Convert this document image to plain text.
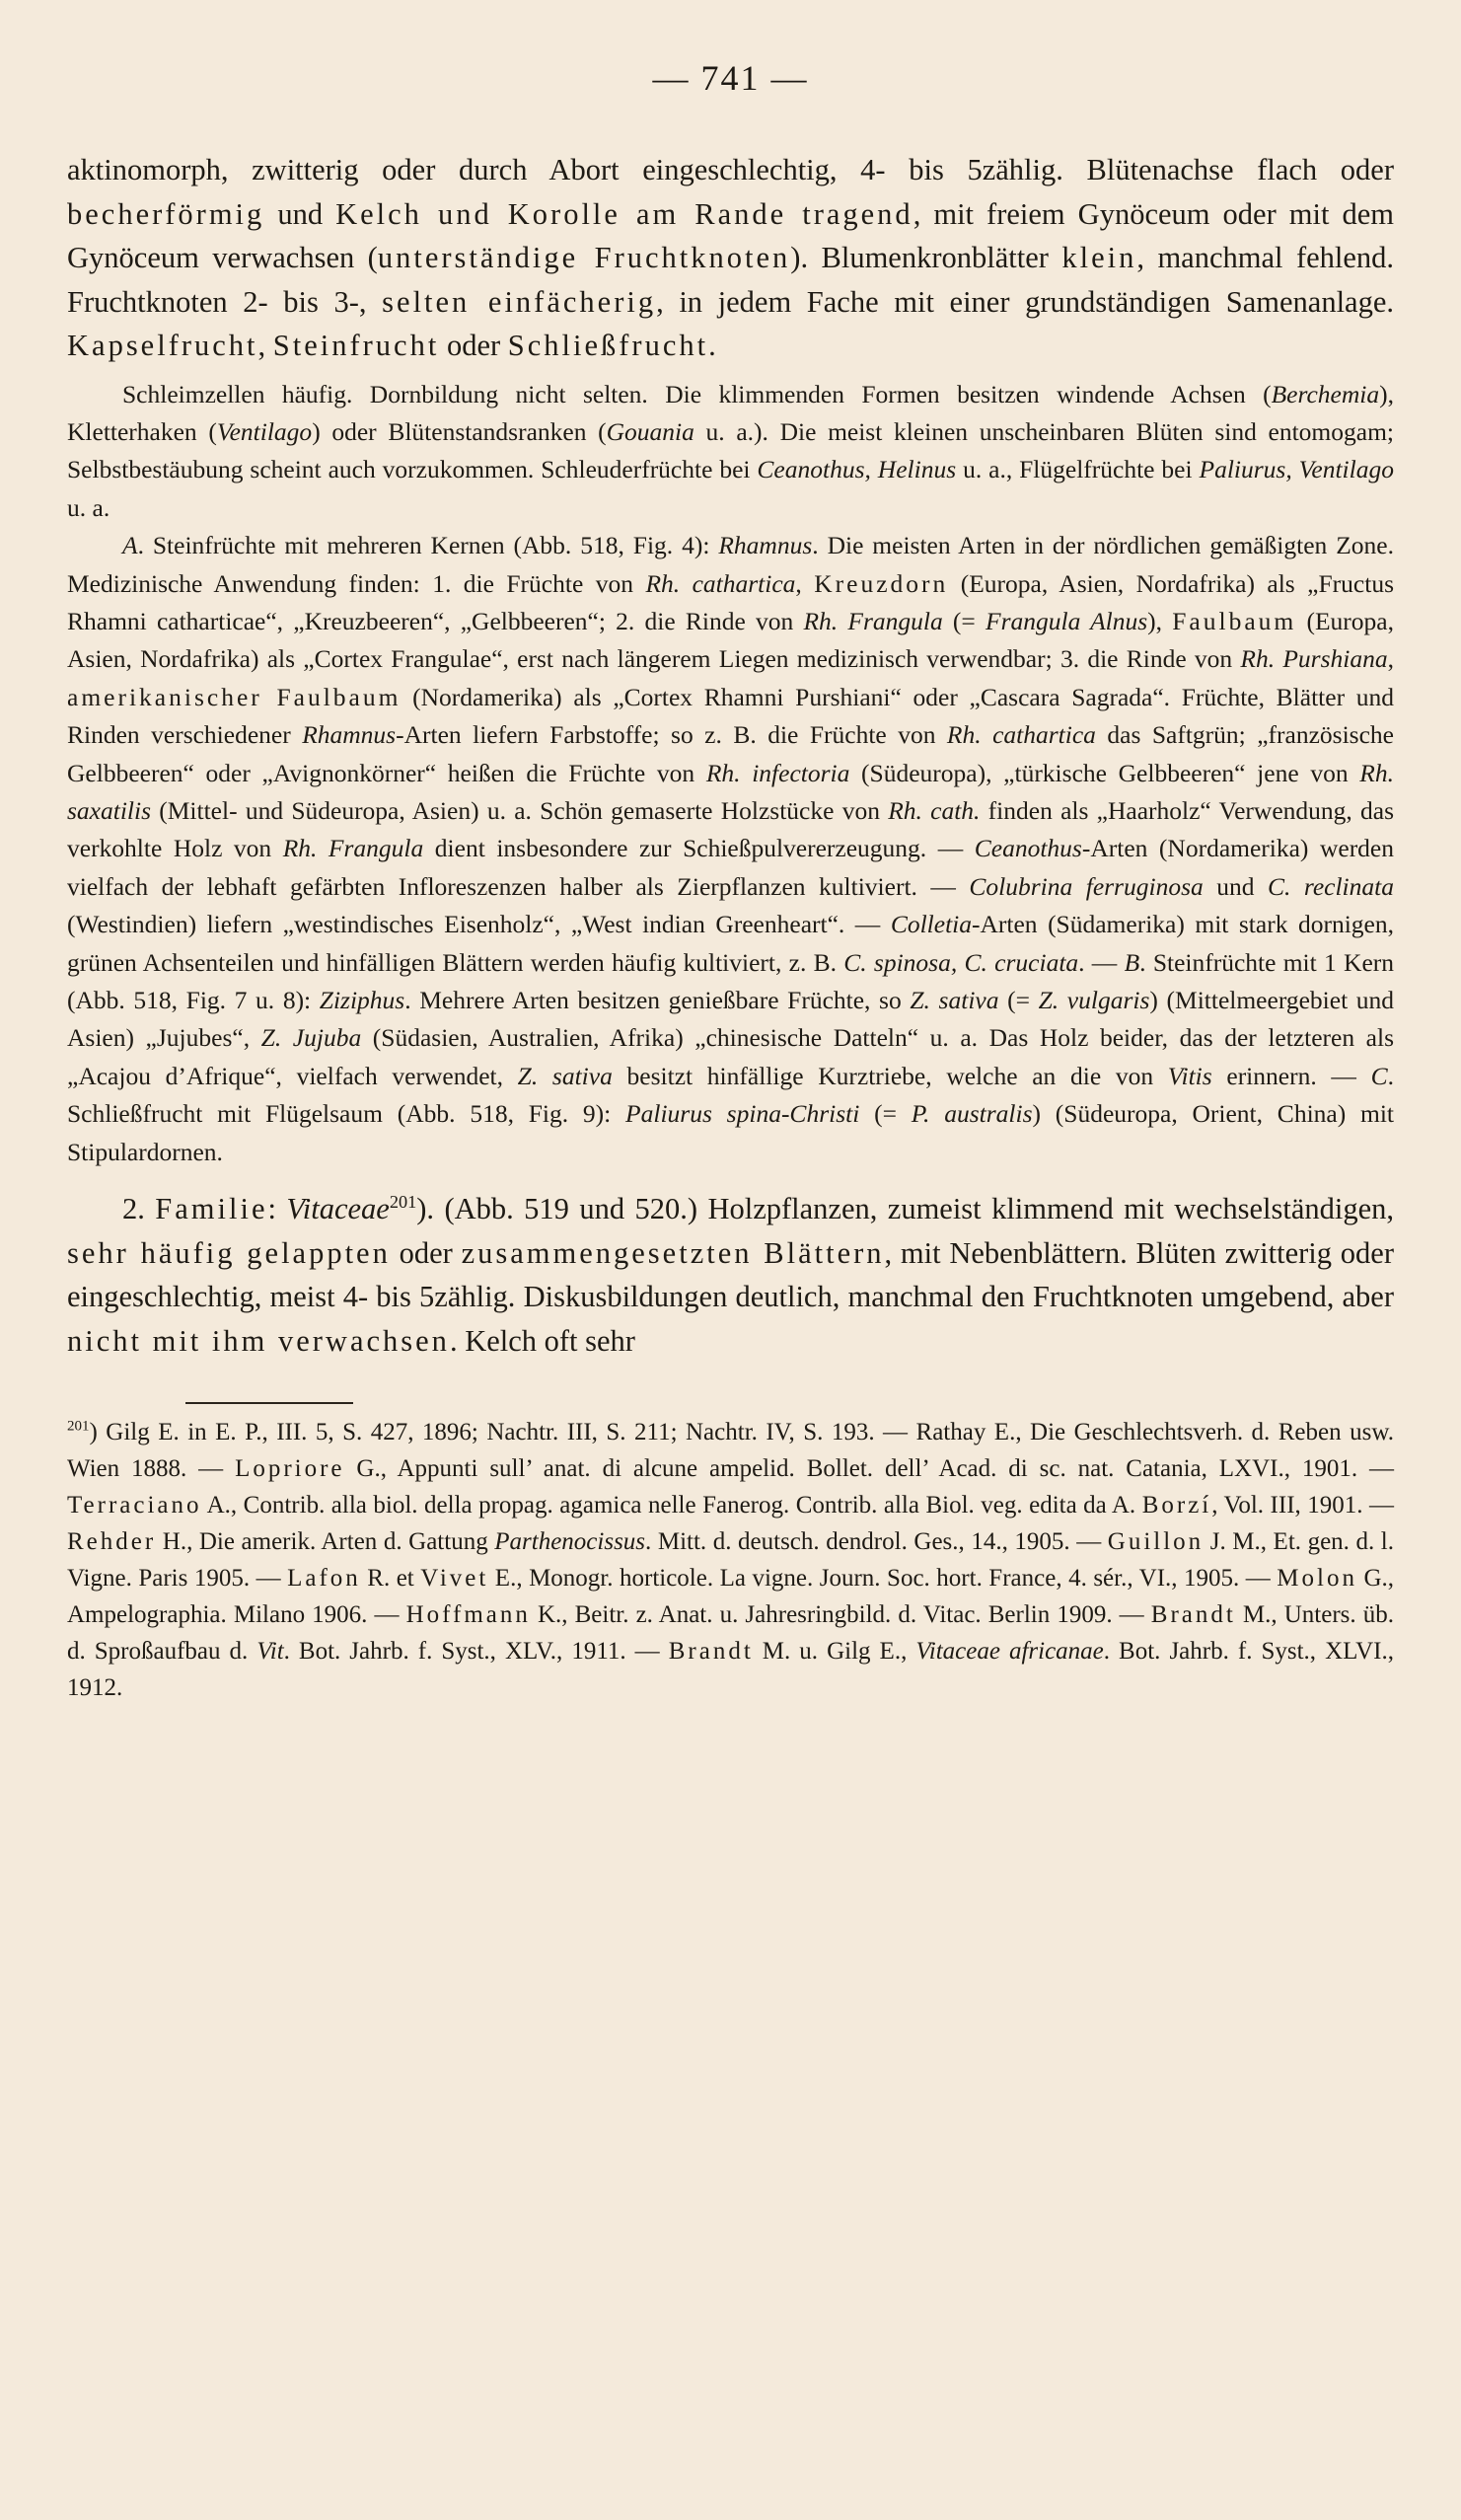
— 741 —

aktinomorph, zwitterig oder durch Abort eingeschlechtig, 4- bis 5zählig. Blütenachse flach oder becherförmig und Kelch und Korolle am Rande tragend, mit freiem Gynöceum oder mit dem Gynöceum verwachsen (unterständige Fruchtknoten). Blumenkronblätter klein, manchmal fehlend. Fruchtknoten 2- bis 3-, selten einfächerig, in jedem Fache mit einer grundständigen Samenanlage. Kapselfrucht, Steinfrucht oder Schließfrucht.

Schleimzellen häufig. Dornbildung nicht selten. Die klimmenden Formen besitzen windende Achsen (Berchemia), Kletterhaken (Ventilago) oder Blütenstandsranken (Gouania u. a.). Die meist kleinen unscheinbaren Blüten sind entomogam; Selbstbestäubung scheint auch vorzukommen. Schleuderfrüchte bei Ceanothus, Helinus u. a., Flügelfrüchte bei Paliurus, Ventilago u. a.

A. Steinfrüchte mit mehreren Kernen (Abb. 518, Fig. 4): Rhamnus. Die meisten Arten in der nördlichen gemäßigten Zone. Medizinische Anwendung finden: 1. die Früchte von Rh. cathartica, Kreuzdorn (Europa, Asien, Nordafrika) als „Fructus Rhamni catharticae“, „Kreuzbeeren“, „Gelbbeeren“; 2. die Rinde von Rh. Frangula (= Frangula Alnus), Faulbaum (Europa, Asien, Nordafrika) als „Cortex Frangulae“, erst nach längerem Liegen medizinisch verwendbar; 3. die Rinde von Rh. Purshiana, amerikanischer Faulbaum (Nordamerika) als „Cortex Rhamni Purshiani“ oder „Cascara Sagrada“. Früchte, Blätter und Rinden verschiedener Rhamnus-Arten liefern Farbstoffe; so z. B. die Früchte von Rh. cathartica das Saftgrün; „französische Gelbbeeren“ oder „Avignonkörner“ heißen die Früchte von Rh. infectoria (Südeuropa), „türkische Gelbbeeren“ jene von Rh. saxatilis (Mittel- und Südeuropa, Asien) u. a. Schön gemaserte Holzstücke von Rh. cath. finden als „Haarholz“ Verwendung, das verkohlte Holz von Rh. Frangula dient insbesondere zur Schießpulvererzeugung. — Ceanothus-Arten (Nordamerika) werden vielfach der lebhaft gefärbten Infloreszenzen halber als Zierpflanzen kultiviert. — Colubrina ferruginosa und C. reclinata (Westindien) liefern „westindisches Eisenholz“, „West indian Greenheart“. — Colletia-Arten (Südamerika) mit stark dornigen, grünen Achsenteilen und hinfälligen Blättern werden häufig kultiviert, z. B. C. spinosa, C. cruciata. — B. Steinfrüchte mit 1 Kern (Abb. 518, Fig. 7 u. 8): Ziziphus. Mehrere Arten besitzen genießbare Früchte, so Z. sativa (= Z. vulgaris) (Mittelmeergebiet und Asien) „Jujubes“, Z. Jujuba (Südasien, Australien, Afrika) „chinesische Datteln“ u. a. Das Holz beider, das der letzteren als „Acajou d’Afrique“, vielfach verwendet, Z. sativa besitzt hinfällige Kurztriebe, welche an die von Vitis erinnern. — C. Schließfrucht mit Flügelsaum (Abb. 518, Fig. 9): Paliurus spina-Christi (= P. australis) (Südeuropa, Orient, China) mit Stipulardornen.

2. Familie: Vitaceae$^{201}$). (Abb. 519 und 520.) Holzpflanzen, zumeist klimmend mit wechselständigen, sehr häufig gelappten oder zusammengesetzten Blättern, mit Nebenblättern. Blüten zwitterig oder eingeschlechtig, meist 4- bis 5zählig. Diskusbildungen deutlich, manchmal den Fruchtknoten umgebend, aber nicht mit ihm verwachsen. Kelch oft sehr

$^{201}$) Gilg E. in E. P., III. 5, S. 427, 1896; Nachtr. III, S. 211; Nachtr. IV, S. 193. — Rathay E., Die Geschlechtsverh. d. Reben usw. Wien 1888. — Lopriore G., Appunti sull’ anat. di alcune ampelid. Bollet. dell’ Acad. di sc. nat. Catania, LXVI., 1901. — Terraciano A., Contrib. alla biol. della propag. agamica nelle Fanerog. Contrib. alla Biol. veg. edita da A. Borzí, Vol. III, 1901. — Rehder H., Die amerik. Arten d. Gattung Parthenocissus. Mitt. d. deutsch. dendrol. Ges., 14., 1905. — Guillon J. M., Et. gen. d. l. Vigne. Paris 1905. — Lafon R. et Vivet E., Monogr. horticole. La vigne. Journ. Soc. hort. France, 4. sér., VI., 1905. — Molon G., Ampelographia. Milano 1906. — Hoffmann K., Beitr. z. Anat. u. Jahresringbild. d. Vitac. Berlin 1909. — Brandt M., Unters. üb. d. Sproßaufbau d. Vit. Bot. Jahrb. f. Syst., XLV., 1911. — Brandt M. u. Gilg E., Vitaceae africanae. Bot. Jahrb. f. Syst., XLVI., 1912.
